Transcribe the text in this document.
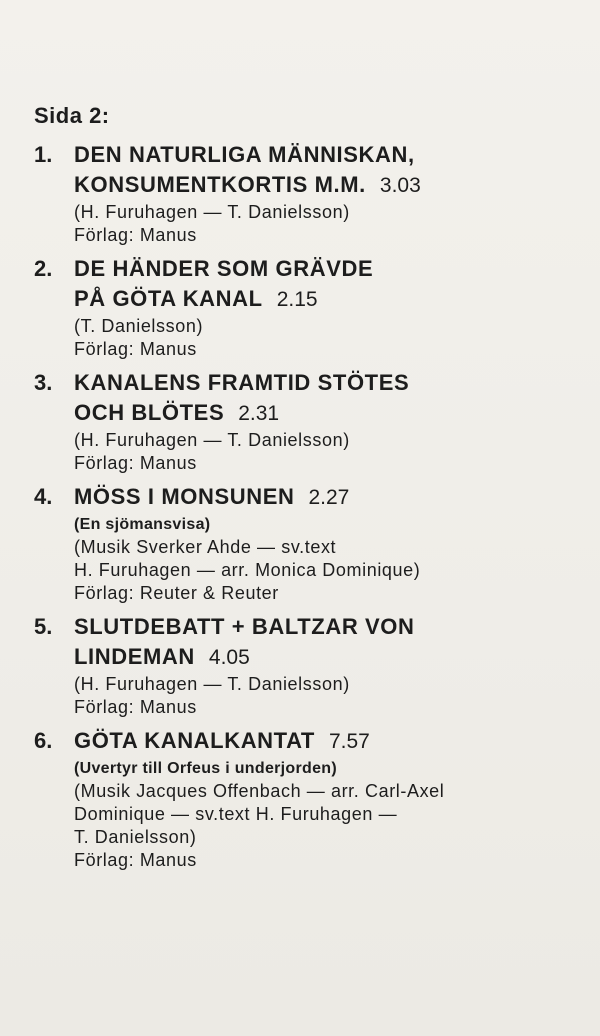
Sida 2:
1. DEN NATURLIGA MÄNNISKAN,
KONSUMENTKORTIS M.M. 3.03
(H. Furuhagen — T. Danielsson)
Förlag: Manus
2. DE HÄNDER SOM GRÄVDE
PÅ GÖTA KANAL 2.15
(T. Danielsson)
Förlag: Manus
3. KANALENS FRAMTID STÖTES
OCH BLÖTES 2.31
(H. Furuhagen — T. Danielsson)
Förlag: Manus
4. MÖSS I MONSUNEN 2.27
(En sjömansvisa)
(Musik Sverker Ahde — sv.text
H. Furuhagen — arr. Monica Dominique)
Förlag: Reuter & Reuter
5. SLUTDEBATT + BALTZAR VON
LINDEMAN 4.05
(H. Furuhagen — T. Danielsson)
Förlag: Manus
6. GÖTA KANALKANTAT 7.57
(Uvertyr till Orfeus i underjorden)
(Musik Jacques Offenbach — arr. Carl-Axel
Dominique — sv.text H. Furuhagen —
T. Danielsson)
Förlag: Manus
